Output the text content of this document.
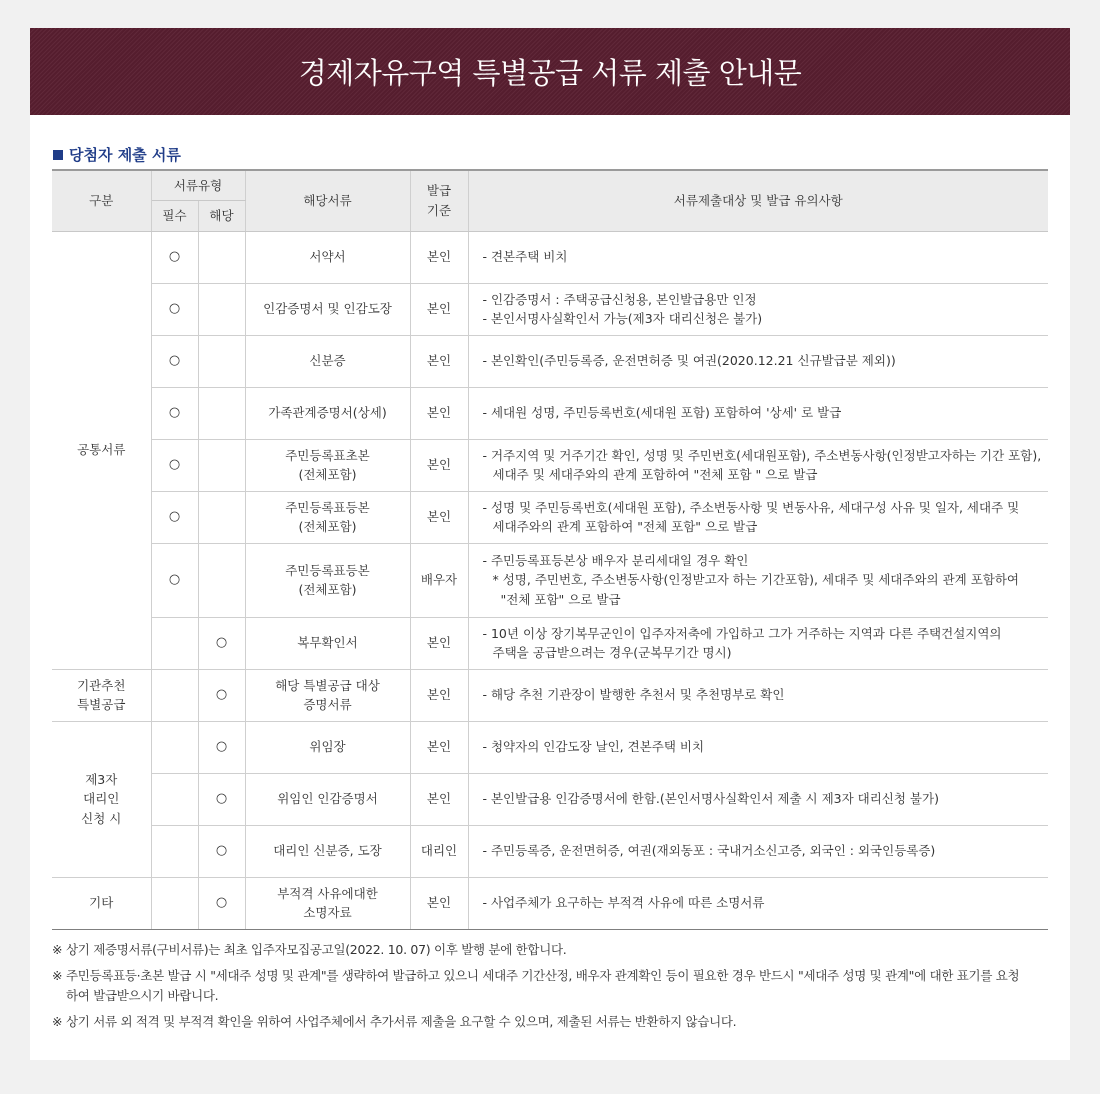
경제자유구역 특별공급 서류 제출 안내문
당첨자 제출 서류
구분	서류유형		해당서류	발급
기준	서류제출대상 및 발급 유의사항
	필수	해당			
공통서류	○		서약서	본인	- 견본주택 비치

	○		인감증명서 및 인감도장	본인	- 인감증명서 : 주택공급신청용, 본인발급용만 인정
- 본인서명사실확인서 가능(제3자 대리신청은 불가)

	○		신분증	본인	- 본인확인(주민등록증, 운전면허증 및 여권(2020.12.21 신규발급분 제외))

	○		가족관계증명서(상세)	본인	- 세대원 성명, 주민등록번호(세대원 포함) 포함하여 '상세' 로 발급

	○		주민등록표초본
(전체포함)	본인	- 거주지역 및 거주기간 확인, 성명 및 주민번호(세대원포함), 주소변동사항(인정받고자하는 기간 포함),
세대주 및 세대주와의 관계 포함하여 "전체 포함 " 으로 발급

	○		주민등록표등본
(전체포함)	본인	- 성명 및 주민등록번호(세대원 포함), 주소변동사항 및 변동사유, 세대구성 사유 및 일자, 세대주 및
세대주와의 관계 포함하여 "전체 포함" 으로 발급

	○		주민등록표등본
(전체포함)	배우자	- 주민등록표등본상 배우자 분리세대일 경우 확인
* 성명, 주민번호, 주소변동사항(인정받고자 하는 기간포함), 세대주 및 세대주와의 관계 포함하여
"전체 포함" 으로 발급

		○	복무확인서	본인	- 10년 이상 장기복무군인이 입주자저축에 가입하고 그가 거주하는 지역과 다른 주택건설지역의
주택을 공급받으려는 경우(군복무기간 명시)

기관추천
특별공급		○	해당 특별공급 대상
증명서류	본인	- 해당 추천 기관장이 발행한 추천서 및 추천명부로 확인

제3자
대리인
신청 시		○	위임장	본인	- 청약자의 인감도장 날인, 견본주택 비치

		○	위임인 인감증명서	본인	- 본인발급용 인감증명서에 한함.(본인서명사실확인서 제출 시 제3자 대리신청 불가)

		○	대리인 신분증, 도장	대리인	- 주민등록증, 운전면허증, 여권(재외동포 : 국내거소신고증, 외국인 : 외국인등록증)

기타		○	부적격 사유에대한
소명자료	본인	- 사업주체가 요구하는 부적격 사유에 따른 소명서류
※ 상기 제증명서류(구비서류)는 최초 입주자모집공고일(2022. 10. 07) 이후 발행 분에 한합니다.
※ 주민등록표등·초본 발급 시 "세대주 성명 및 관계"를 생략하여 발급하고 있으니 세대주 기간산정, 배우자 관계확인 등이 필요한 경우 반드시 "세대주 성명 및 관계"에 대한 표기를 요청
하여 발급받으시기 바랍니다.
※ 상기 서류 외 적격 및 부적격 확인을 위하여 사업주체에서 추가서류 제출을 요구할 수 있으며, 제출된 서류는 반환하지 않습니다.
